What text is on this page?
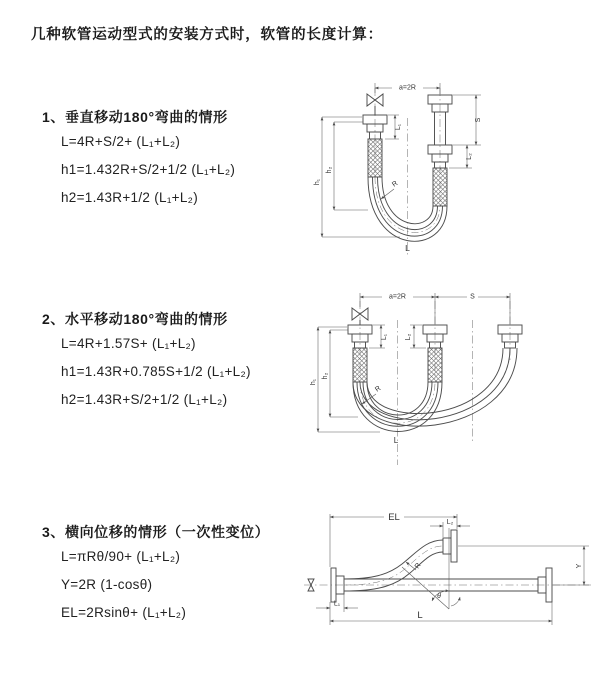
几种软管运动型式的安装方式时，软管的长度计算：
1、垂直移动180°弯曲的情形
L=4R+S/2+ (L₁+L₂)
h1=1.432R+S/2+1/2 (L₁+L₂)
h2=1.43R+1/2 (L₁+L₂)
2、水平移动180°弯曲的情形
L=4R+1.57S+ (L₁+L₂)
h1=1.43R+0.785S+1/2 (L₁+L₂)
h2=1.43R+S/2+1/2 (L₁+L₂)
3、横向位移的情形（一次性变位）
L=πRθ/90+ (L₁+L₂)
Y=2R (1-cosθ)
EL=2Rsinθ+ (L₁+L₂)
a=2R
h₁
h₂
L₁
S
L₂
R
L
a=2R	S
h₁
h₂
L₁ L₂
R
L
θ
EL	L₂
Y
L
L₁
R
